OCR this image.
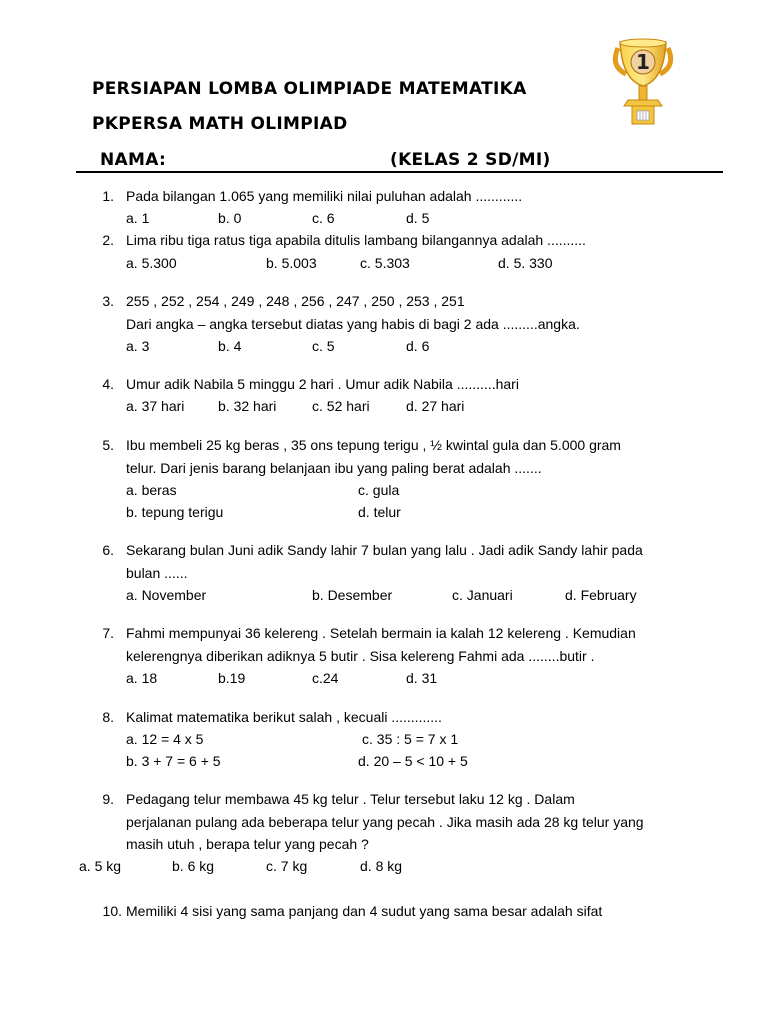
PERSIAPAN LOMBA OLIMPIADE MATEMATIKA
PKPERSA MATH OLIMPIAD
NAMA:	(KELAS 2 SD/MI)
1
1. Pada bilangan 1.065 yang memiliki nilai puluhan adalah ............
a. 1	b. 0	c. 6	d. 5
2. Lima ribu tiga ratus tiga apabila ditulis lambang bilangannya adalah ..........
a. 5.300	b. 5.003	c. 5.303	d. 5. 330
3. 255 , 252 , 254 , 249 , 248 , 256 , 247 , 250 , 253 , 251
Dari angka – angka tersebut diatas yang habis di bagi 2 ada .........angka.
a. 3	b. 4	c. 5	d. 6
4. Umur adik Nabila 5 minggu 2 hari . Umur adik Nabila ..........hari
a. 37 hari b. 32 hari	c. 52 hari	d. 27 hari
5. Ibu membeli 25 kg beras , 35 ons tepung terigu , ½ kwintal gula dan 5.000 gram
telur. Dari jenis barang belanjaan ibu yang paling berat adalah .......
a. beras	c. gula
b. tepung terigu	d. telur
6. Sekarang bulan Juni adik Sandy lahir 7 bulan yang lalu . Jadi adik Sandy lahir pada
bulan ......
a. November	b. Desember	c. Januari	d. February
7. Fahmi mempunyai 36 kelereng . Setelah bermain ia kalah 12 kelereng . Kemudian
kelerengnya diberikan adiknya 5 butir . Sisa kelereng Fahmi ada ........butir .
a. 18	b.19	c.24	d. 31
8. Kalimat matematika berikut salah , kecuali .............
a. 12 = 4 x 5	c. 35 : 5 = 7 x 1
b. 3 + 7 = 6 + 5	d. 20 – 5 < 10 + 5
9. Pedagang telur membawa 45 kg telur . Telur tersebut laku 12 kg . Dalam
perjalanan pulang ada beberapa telur yang pecah . Jika masih ada 28 kg telur yang
masih utuh , berapa telur yang pecah ?
a. 5 kg	b. 6 kg	c. 7 kg	d. 8 kg
10. Memiliki 4 sisi yang sama panjang dan 4 sudut yang sama besar adalah sifat
